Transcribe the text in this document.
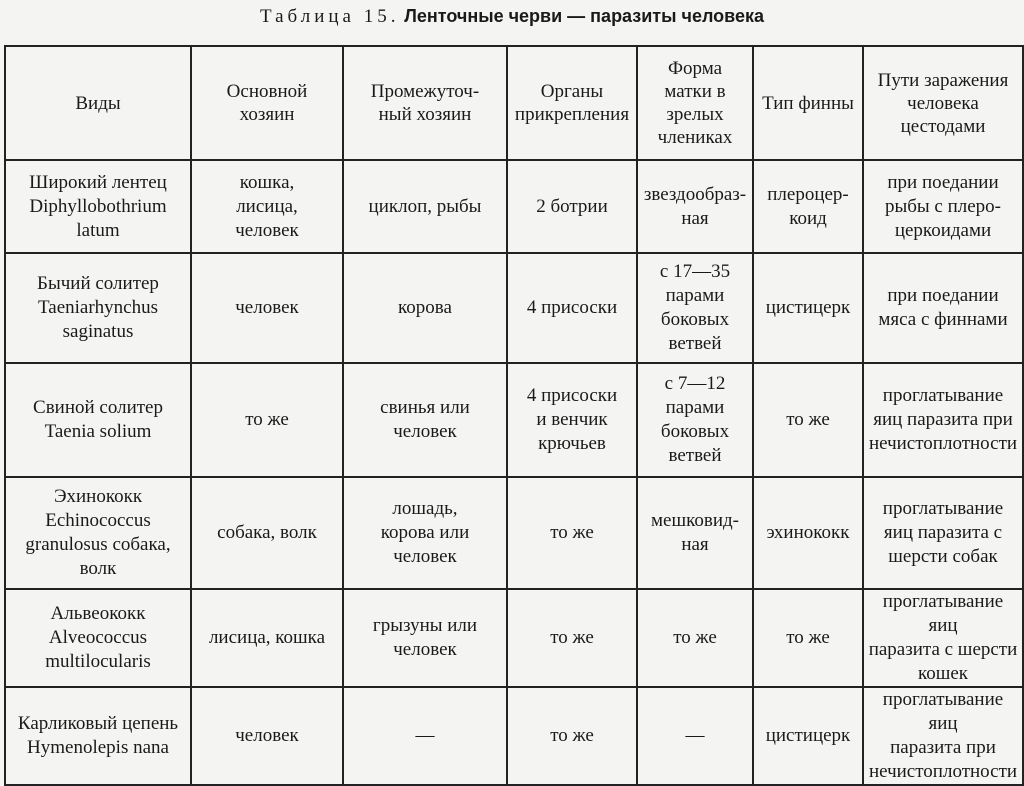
Таблица 15. Ленточные черви — паразиты человека
Виды	Основной
хозяин	Промежуточ-
ный хозяин	Органы
прикрепления	Форма
матки в
зрелых
члениках	Тип финны	Пути заражения
человека
цестодами

Широкий лентец
Diphyllobothrium
latum	кошка,
лисица,
человек	циклоп, рыбы	2 ботрии	звездообраз-
ная	плероцер-
коид	при поедании
рыбы с плеро-
церкоидами

Бычий солитер
Taeniarhynchus
saginatus	человек	корова	4 присоски	с 17—35
парами
боковых
ветвей	цистицерк	при поедании
мяса с финнами

Свиной солитер
Taenia solium	то же	свинья или
человек	4 присоски
и венчик
крючьев	с 7—12
парами
боковых
ветвей	то же	проглатывание
яиц паразита при
нечистоплотности

Эхинококк
Echinococcus
granulosus собака,
волк	собака, волк	лошадь,
корова или
человек	то же	мешковид-
ная	эхинококк	проглатывание
яиц паразита с
шерсти собак

Альвеококк
Alveococcus
multilocularis	лисица, кошка	грызуны или
человек	то же	то же	то же	проглатывание яиц
паразита с шерсти
кошек

Карликовый цепень
Hymenolepis nana	человек	—	то же	—	цистицерк	проглатывание яиц
паразита при
нечистоплотности
